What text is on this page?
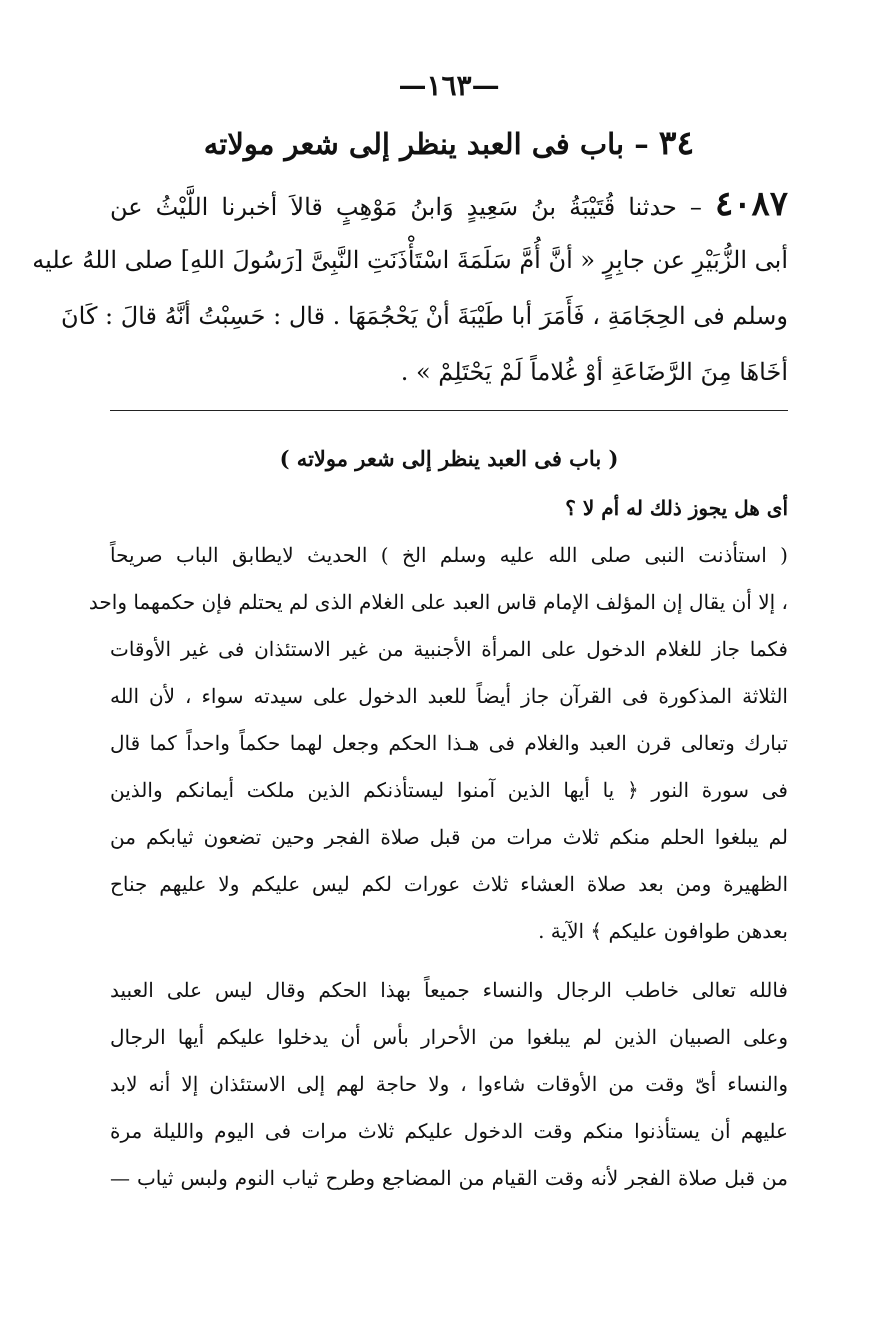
—١٦٣—
٣٤ – باب فى العبد ينظر إلى شعر مولاته
٤٠٨٧ – حدثنا قُتَيْبَةُ بنُ سَعِيدٍ وَابنُ مَوْهِبٍ قالاَ أخبرنا اللَّيْثُ عن
أبى الزُّبَيْرِ عن جابِرٍ « أنَّ أُمَّ سَلَمَةَ اسْتَأْذَنَتِ النَّبِىَّ [رَسُولَ اللهِ] صلى اللهُ عليه
وسلم فى الحِجَامَةِ ، فَأَمَرَ أبا طَيْبَةَ أنْ يَحْجُمَهَا . قال : حَسِبْتُ أنَّهُ قالَ : كَانَ
أخَاهَا مِنَ الرَّضَاعَةِ أوْ غُلاماً لَمْ يَحْتَلِمْ » .
( باب فى العبد ينظر إلى شعر مولاته )
أى هل يجوز ذلك له أم لا ؟
( استأذنت النبى صلى الله عليه وسلم الخ ) الحديث لايطابق الباب صريحاً
، إلا أن يقال إن المؤلف الإمام قاس العبد على الغلام الذى لم يحتلم فإن حكمهما واحد
فكما جاز للغلام الدخول على المرأة الأجنبية من غير الاستئذان فى غير الأوقات
الثلاثة المذكورة فى القرآن جاز أيضاً للعبد الدخول على سيدته سواء ، لأن الله
تبارك وتعالى قرن العبد والغلام فى هـذا الحكم وجعل لهما حكماً واحداً كما قال
فى سورة النور ﴿ يا أيها الذين آمنوا ليستأذنكم الذين ملكت أيمانكم والذين
لم يبلغوا الحلم منكم ثلاث مرات من قبل صلاة الفجر وحين تضعون ثيابكم من
الظهيرة ومن بعد صلاة العشاء ثلاث عورات لكم ليس عليكم ولا عليهم جناح
بعدهن طوافون عليكم ﴾ الآية .
فالله تعالى خاطب الرجال والنساء جميعاً بهذا الحكم وقال ليس على العبيد
وعلى الصبيان الذين لم يبلغوا من الأحرار بأس أن يدخلوا عليكم أيها الرجال
والنساء أىّ وقت من الأوقات شاءوا ، ولا حاجة لهم إلى الاستئذان إلا أنه لابد
عليهم أن يستأذنوا منكم وقت الدخول عليكم ثلاث مرات فى اليوم والليلة مرة
من قبل صلاة الفجر لأنه وقت القيام من المضاجع وطرح ثياب النوم ولبس ثياب —
